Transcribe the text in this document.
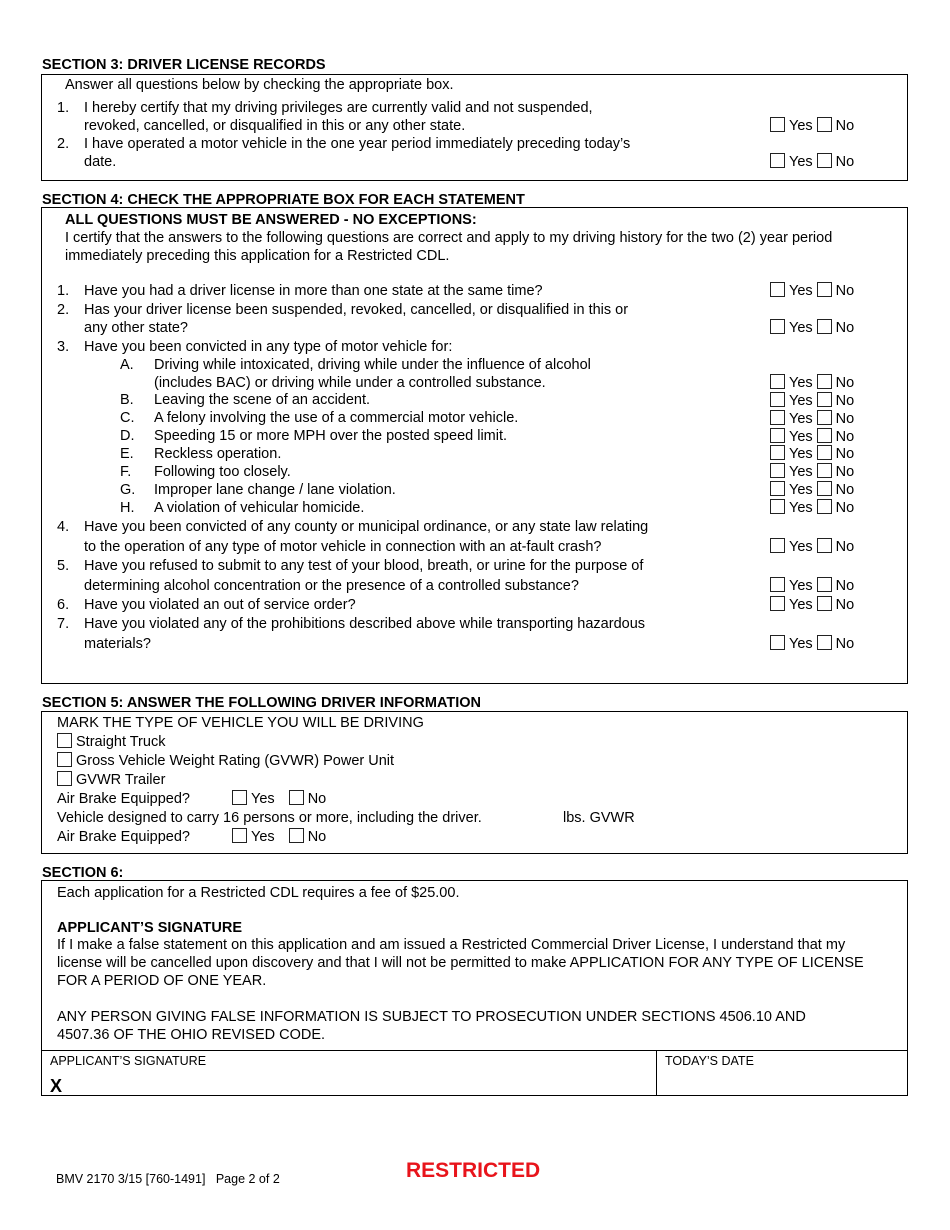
SECTION 3: DRIVER LICENSE RECORDS
Answer all questions below by checking the appropriate box.
1. I hereby certify that my driving privileges are currently valid and not suspended,
revoked, cancelled, or disqualified in this or any other state.	Yes No
2. I have operated a motor vehicle in the one year period immediately preceding today’s
date.	Yes No
SECTION 4: CHECK THE APPROPRIATE BOX FOR EACH STATEMENT
ALL QUESTIONS MUST BE ANSWERED - NO EXCEPTIONS:
I certify that the answers to the following questions are correct and apply to my driving history for the two (2) year period
immediately preceding this application for a Restricted CDL.
1. Have you had a driver license in more than one state at the same time?	Yes No
2. Has your driver license been suspended, revoked, cancelled, or disqualified in this or
any other state?	Yes No
3. Have you been convicted in any type of motor vehicle for:
A. Driving while intoxicated, driving while under the influence of alcohol
(includes BAC) or driving while under a controlled substance.	Yes No
B. Leaving the scene of an accident.	Yes No
C. A felony involving the use of a commercial motor vehicle.	Yes No
D. Speeding 15 or more MPH over the posted speed limit.	Yes No
E. Reckless operation.	Yes No
F. Following too closely.	Yes No
G. Improper lane change / lane violation.	Yes No
H. A violation of vehicular homicide.	Yes No
4. Have you been convicted of any county or municipal ordinance, or any state law relating
to the operation of any type of motor vehicle in connection with an at-fault crash?	Yes No
5. Have you refused to submit to any test of your blood, breath, or urine for the purpose of
determining alcohol concentration or the presence of a controlled substance?	Yes No
6. Have you violated an out of service order?	Yes No
7. Have you violated any of the prohibitions described above while transporting hazardous
materials?	Yes No
SECTION 5: ANSWER THE FOLLOWING DRIVER INFORMATION
MARK THE TYPE OF VEHICLE YOU WILL BE DRIVING
Straight Truck
Gross Vehicle Weight Rating (GVWR) Power Unit
GVWR Trailer
Air Brake Equipped?	Yes No
Vehicle designed to carry 16 persons or more, including the driver.	lbs. GVWR
Air Brake Equipped?	Yes No
SECTION 6:
Each application for a Restricted CDL requires a fee of $25.00.
APPLICANT’S SIGNATURE
If I make a false statement on this application and am issued a Restricted Commercial Driver License, I understand that my
license will be cancelled upon discovery and that I will not be permitted to make APPLICATION FOR ANY TYPE OF LICENSE
FOR A PERIOD OF ONE YEAR.
ANY PERSON GIVING FALSE INFORMATION IS SUBJECT TO PROSECUTION UNDER SECTIONS 4506.10 AND
4507.36 OF THE OHIO REVISED CODE.
APPLICANT’S SIGNATURE
X
TODAY’S DATE
BMV 2170 3/15 [760-1491]   Page 2 of 2	RESTRICTED
